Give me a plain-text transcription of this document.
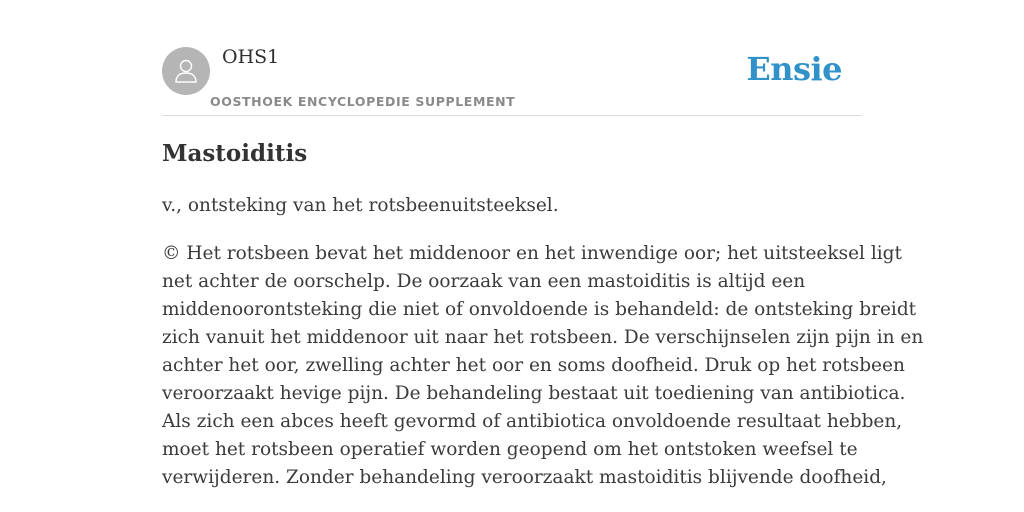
OHS1
OOSTHOEK ENCYCLOPEDIE SUPPLEMENT
Ensie
Mastoiditis

v., ontsteking van het rotsbeenuitsteeksel.

© Het rotsbeen bevat het middenoor en het inwendige oor; het uitsteeksel ligt
net achter de oorschelp. De oorzaak van een mastoiditis is altijd een
middenoorontsteking die niet of onvoldoende is behandeld: de ontsteking breidt
zich vanuit het middenoor uit naar het rotsbeen. De verschijnselen zijn pijn in en
achter het oor, zwelling achter het oor en soms doofheid. Druk op het rotsbeen
veroorzaakt hevige pijn. De behandeling bestaat uit toediening van antibiotica.
Als zich een abces heeft gevormd of antibiotica onvoldoende resultaat hebben,
moet het rotsbeen operatief worden geopend om het ontstoken weefsel te
verwijderen. Zonder behandeling veroorzaakt mastoiditis blijvende doofheid,
